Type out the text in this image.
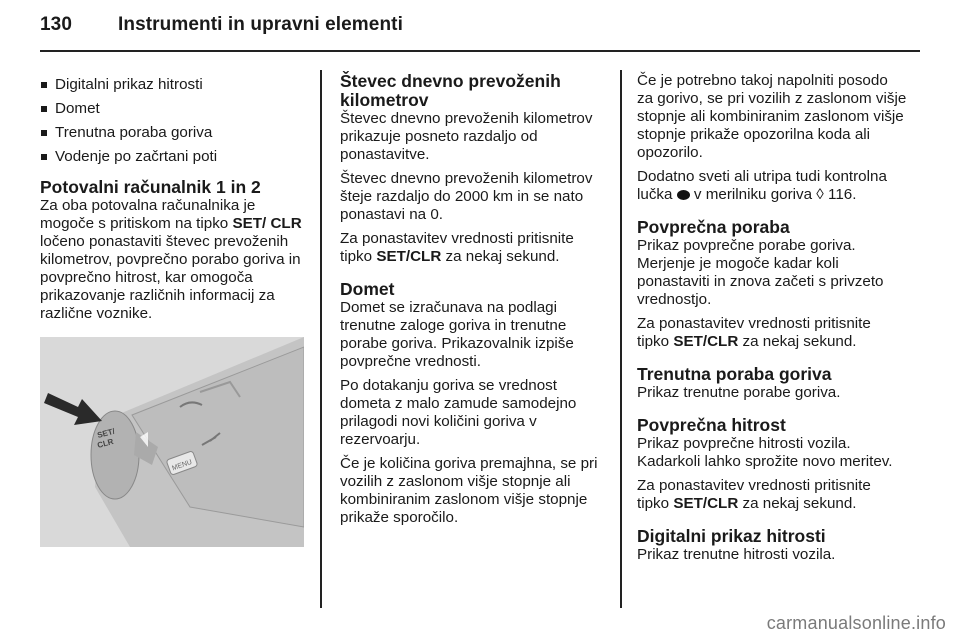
130 Instrumenti in upravni elementi
Digitalni prikaz hitrosti
Domet
Trenutna poraba goriva
Vodenje po začrtani poti
Potovalni računalnik 1 in 2

Za oba potovalna računalnika je mogoče s pritiskom na tipko SET/ CLR ločeno ponastaviti števec prevoženih kilometrov, povprečno porabo goriva in povprečno hitrost, kar omogoča prikazovanje različnih informacij za različne voznike.

MENU
SET/
CLR
Števec dnevno prevoženih kilometrov

Števec dnevno prevoženih kilometrov prikazuje posneto razdaljo od ponastavitve.

Števec dnevno prevoženih kilometrov šteje razdaljo do 2000 km in se nato ponastavi na 0.

Za ponastavitev vrednosti pritisnite tipko SET/CLR za nekaj sekund.

Domet

Domet se izračunava na podlagi trenutne zaloge goriva in trenutne porabe goriva. Prikazovalnik izpiše povprečne vrednosti.

Po dotakanju goriva se vrednost dometa z malo zamude samodejno prilagodi novi količini goriva v rezervoarju.

Če je količina goriva premajhna, se pri vozilih z zaslonom višje stopnje ali kombiniranim zaslonom višje stopnje prikaže sporočilo.

Če je potrebno takoj napolniti posodo za gorivo, se pri vozilih z zaslonom višje stopnje ali kombiniranim zaslonom višje stopnje prikaže opozorilna koda ali opozorilo.

Dodatno sveti ali utripa tudi kontrolna lučka  v merilniku goriva ◊ 116.

Povprečna poraba

Prikaz povprečne porabe goriva. Merjenje je mogoče kadar koli ponastaviti in znova začeti s privzeto vrednostjo.

Za ponastavitev vrednosti pritisnite tipko SET/CLR za nekaj sekund.

Trenutna poraba goriva

Prikaz trenutne porabe goriva.

Povprečna hitrost

Prikaz povprečne hitrosti vozila. Kadarkoli lahko sprožite novo meritev.

Za ponastavitev vrednosti pritisnite tipko SET/CLR za nekaj sekund.

Digitalni prikaz hitrosti

Prikaz trenutne hitrosti vozila.

carmanualsonline.info
